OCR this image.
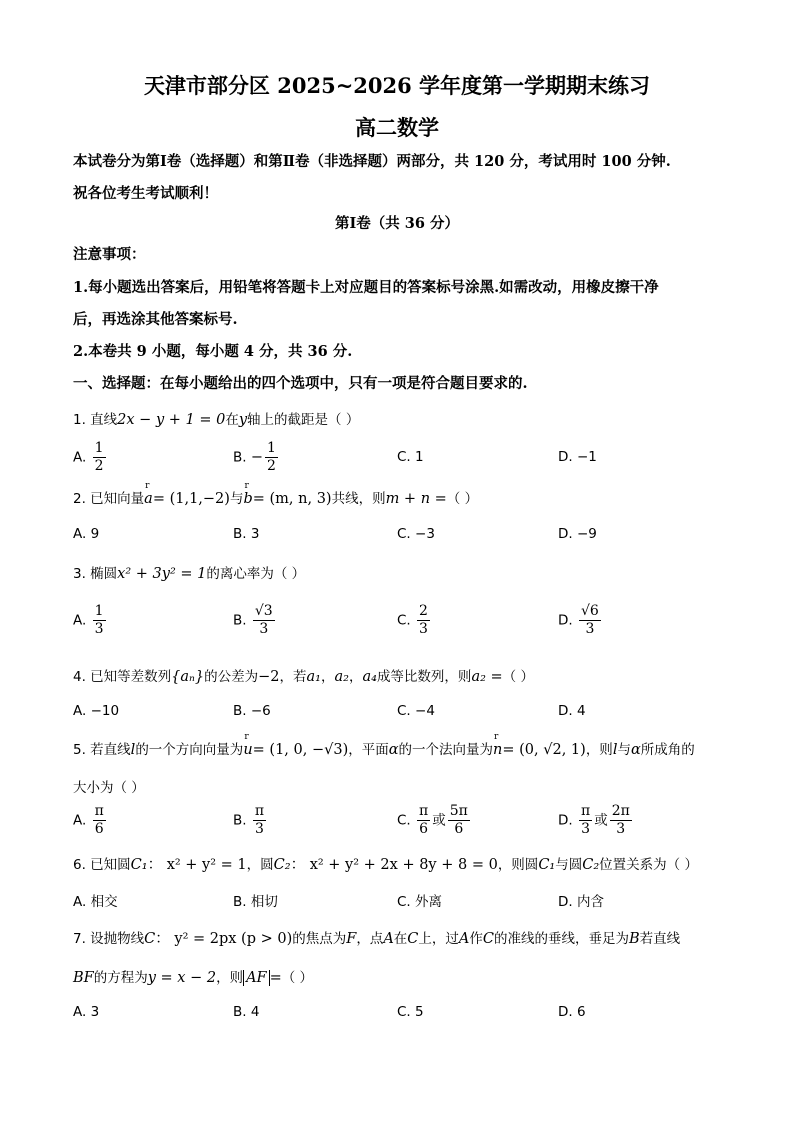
天津市部分区 2025~2026 学年度第一学期期末练习
高二数学
本试卷分为第Ⅰ卷（选择题）和第Ⅱ卷（非选择题）两部分，共 120 分，考试用时 100 分钟.
祝各位考生考试顺利！
第Ⅰ卷（共 36 分）
注意事项：
1.每小题选出答案后，用铅笔将答题卡上对应题目的答案标号涂黑.如需改动，用橡皮擦干净
后，再选涂其他答案标号.
2.本卷共 9 小题，每小题 4 分，共 36 分.
一、选择题：在每小题给出的四个选项中，只有一项是符合题目要求的.
1. 直线2x − y + 1 = 0在y轴上的截距是（ ）
A. $\frac{1}{2}$	B. − $\frac{1}{2}$	C. 1	D. −1
2. 已知向量r a= (1,1,−2)与r b= (m, n, 3)共线，则m + n =（ ）
A. 9	B. 3	C. −3	D. −9
3. 椭圆x² + 3y² = 1的离心率为（ ）
A. $\frac{1}{3}$	B. $\frac{√3}{3}$	C. $\frac{2}{3}$	D. $\frac{√6}{3}$
4. 已知等差数列{aₙ}的公差为−2，若a₁，a₂，a₄成等比数列，则a₂ =（ ）
A. −10	B. −6	C. −4	D. 4
5. 若直线l的一个方向向量为r u= (1, 0, −√3)，平面α的一个法向量为r n= (0, √2, 1)，则l与α所成角的
大小为（ ）
A. $\frac{\pi}{6}$	B. $\frac{\pi}{3}$	C. $\frac{\pi}{6}$ 或 $\frac{5\pi}{6}$	D. $\frac{\pi}{3}$ 或 $\frac{2\pi}{3}$
6. 已知圆C₁： x² + y² = 1，圆C₂： x² + y² + 2x + 8y + 8 = 0，则圆C₁与圆C₂位置关系为（ ）
A. 相交	B. 相切	C. 外离	D. 内含
7. 设抛物线C： y² = 2px (p > 0)的焦点为F，点A在C上，过A作C的准线的垂线，垂足为B若直线
BF的方程为y = x − 2，则 AF =（ ）
A. 3	B. 4	C. 5	D. 6
